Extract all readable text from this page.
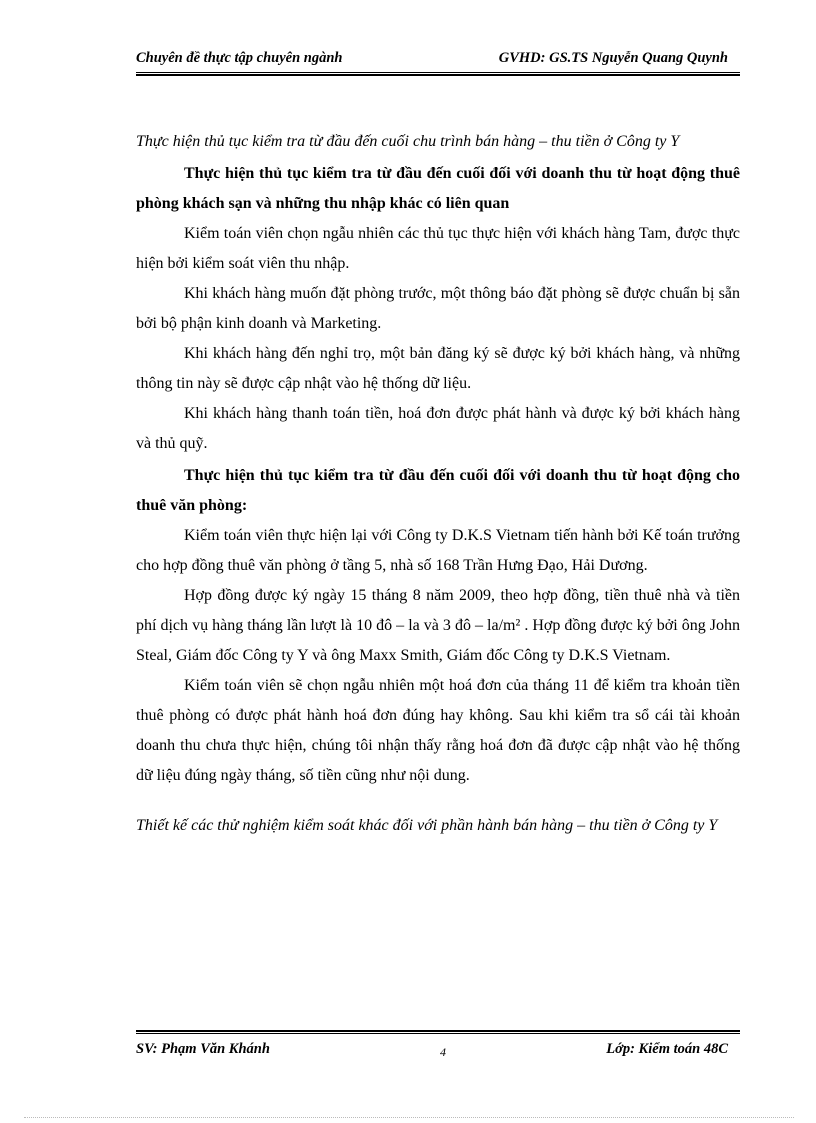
Chuyên đề thực tập chuyên ngành	GVHD: GS.TS Nguyễn Quang Quynh

Thực hiện thủ tục kiểm tra từ đầu đến cuối chu trình bán hàng – thu tiền ở Công ty Y

Thực hiện thủ tục kiểm tra từ đầu đến cuối đối với doanh thu từ hoạt động thuê phòng khách sạn và những thu nhập khác có liên quan

Kiểm toán viên chọn ngẫu nhiên các thủ tục thực hiện với khách hàng Tam, được thực hiện bởi kiểm soát viên thu nhập.

Khi khách hàng muốn đặt phòng trước, một thông báo đặt phòng sẽ được chuẩn bị sẵn bởi bộ phận kinh doanh và Marketing.

Khi khách hàng đến nghỉ trọ, một bản đăng ký sẽ được ký bởi khách hàng, và những thông tin này sẽ được cập nhật vào hệ thống dữ liệu.

Khi khách hàng thanh toán tiền, hoá đơn được phát hành và được ký bởi khách hàng và thủ quỹ.

Thực hiện thủ tục kiểm tra từ đầu đến cuối đối với doanh thu từ hoạt động cho thuê văn phòng:

Kiểm toán viên thực hiện lại với Công ty D.K.S Vietnam tiến hành bởi Kế toán trưởng cho hợp đồng thuê văn phòng ở tầng 5, nhà số 168 Trần Hưng Đạo, Hải Dương.

Hợp đồng được ký ngày 15 tháng 8 năm 2009, theo hợp đồng, tiền thuê nhà và tiền phí dịch vụ hàng tháng lần lượt là 10 đô – la và 3 đô – la/m² . Hợp đồng được ký bởi ông John Steal, Giám đốc Công ty Y và ông Maxx Smith, Giám đốc Công ty D.K.S Vietnam.

Kiểm toán viên sẽ chọn ngẫu nhiên một hoá đơn của tháng 11 để kiểm tra khoản tiền thuê phòng có được phát hành hoá đơn đúng hay không. Sau khi kiểm tra sổ cái tài khoản doanh thu chưa thực hiện, chúng tôi nhận thấy rằng hoá đơn đã được cập nhật vào hệ thống dữ liệu đúng ngày tháng, số tiền cũng như nội dung.

Thiết kế các thử nghiệm kiểm soát khác đối với phần hành bán hàng – thu tiền ở Công ty Y

SV: Phạm Văn Khánh	4	Lớp: Kiểm toán 48C
